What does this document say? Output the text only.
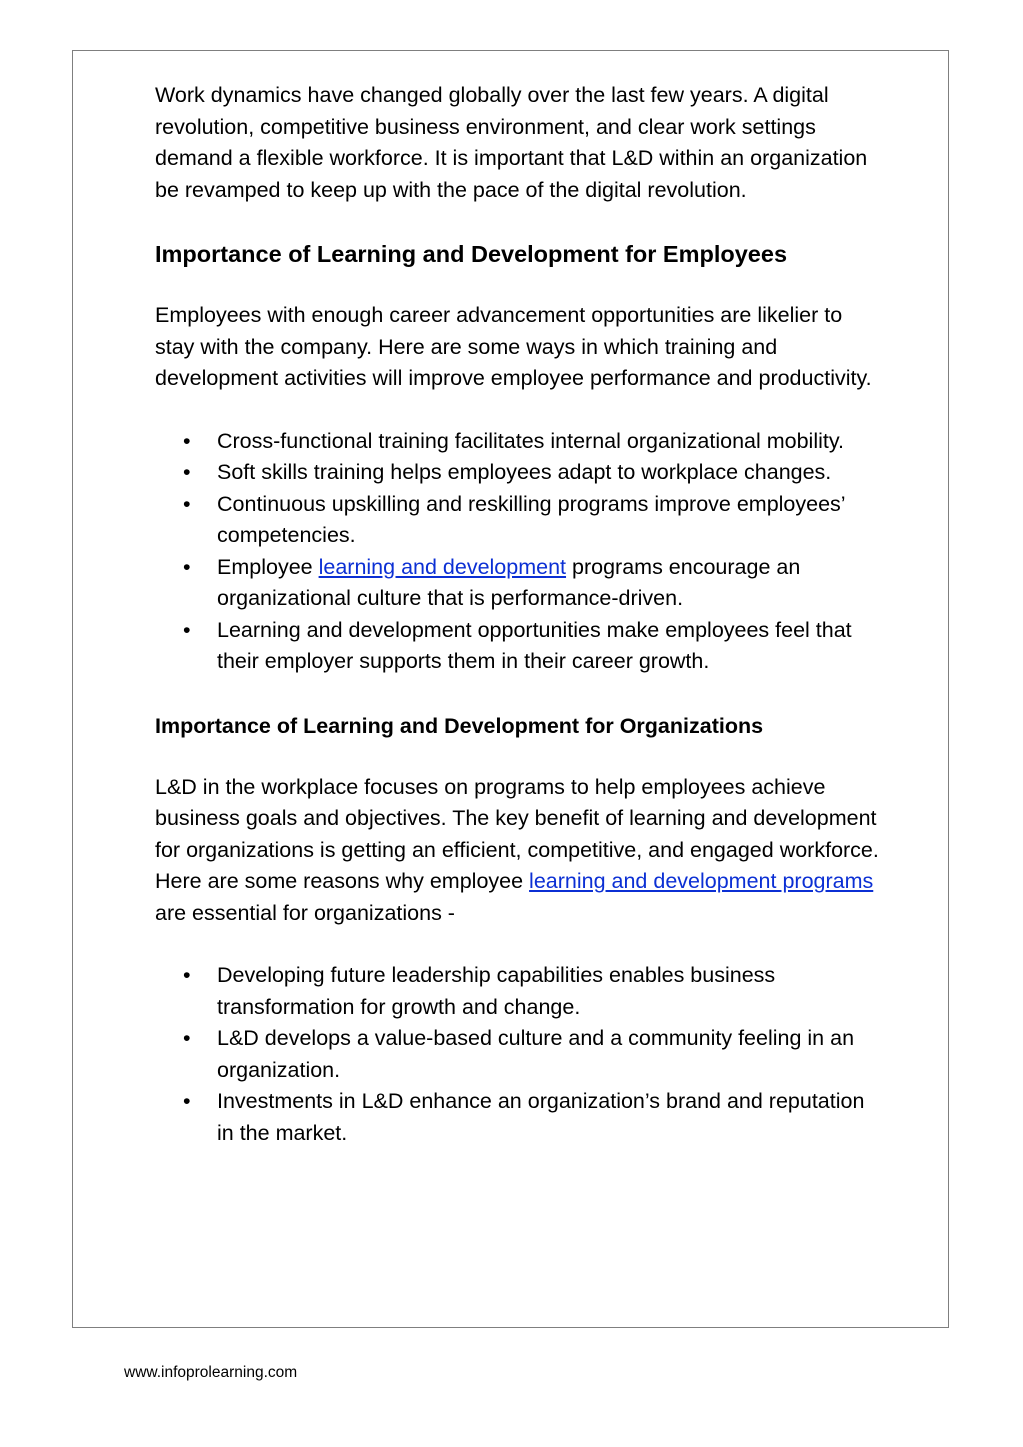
Work dynamics have changed globally over the last few years. A digital revolution, competitive business environment, and clear work settings demand a flexible workforce. It is important that L&D within an organization be revamped to keep up with the pace of the digital revolution.

Importance of Learning and Development for Employees

Employees with enough career advancement opportunities are likelier to stay with the company. Here are some ways in which training and development activities will improve employee performance and productivity.

• Cross-functional training facilitates internal organizational mobility.
• Soft skills training helps employees adapt to workplace changes.
• Continuous upskilling and reskilling programs improve employees’ competencies.
• Employee learning and development programs encourage an organizational culture that is performance-driven.
• Learning and development opportunities make employees feel that their employer supports them in their career growth.
Importance of Learning and Development for Organizations

L&D in the workplace focuses on programs to help employees achieve business goals and objectives. The key benefit of learning and development for organizations is getting an efficient, competitive, and engaged workforce. Here are some reasons why employee learning and development programs are essential for organizations -

• Developing future leadership capabilities enables business transformation for growth and change.
• L&D develops a value-based culture and a community feeling in an organization.
• Investments in L&D enhance an organization’s brand and reputation in the market.
www.infoprolearning.com
